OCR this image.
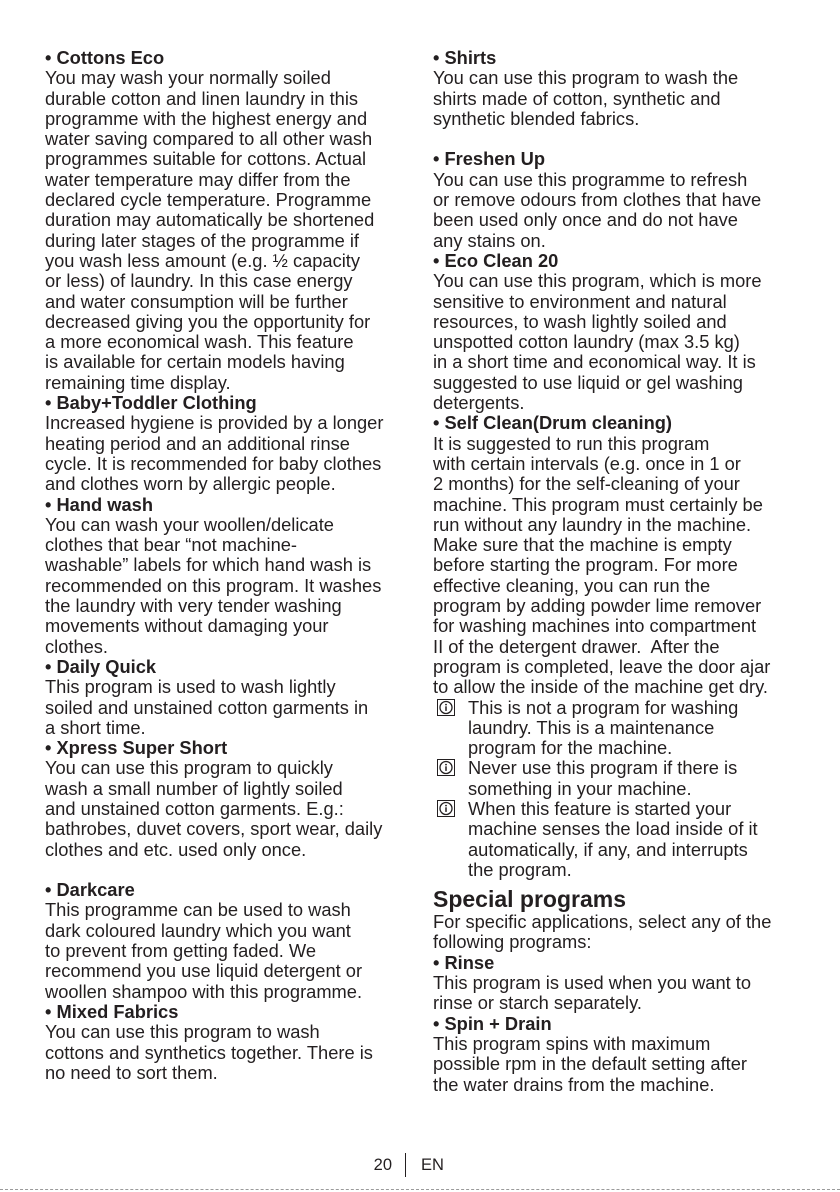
• Cottons Eco
You may wash your normally soiled
durable cotton and linen laundry in this
programme with the highest energy and
water saving compared to all other wash
programmes suitable for cottons. Actual
water temperature may differ from the
declared cycle temperature. Programme
duration may automatically be shortened
during later stages of the programme if
you wash less amount (e.g. ½ capacity
or less) of laundry. In this case energy
and water consumption will be further
decreased giving you the opportunity for
a more economical wash. This feature
is available for certain models having
remaining time display.
• Baby+Toddler Clothing
Increased hygiene is provided by a longer
heating period and an additional rinse
cycle. It is recommended for baby clothes
and clothes worn by allergic people.
• Hand wash
You can wash your woollen/delicate
clothes that bear “not machine-
washable” labels for which hand wash is
recommended on this program. It washes
the laundry with very tender washing
movements without damaging your
clothes.
• Daily Quick
This program is used to wash lightly
soiled and unstained cotton garments in
a short time.
• Xpress Super Short
You can use this program to quickly
wash a small number of lightly soiled
and unstained cotton garments. E.g.:
bathrobes, duvet covers, sport wear, daily
clothes and etc. used only once.
• Darkcare
This programme can be used to wash
dark coloured laundry which you want
to prevent from getting faded. We
recommend you use liquid detergent or
woollen shampoo with this programme.
• Mixed Fabrics
You can use this program to wash
cottons and synthetics together. There is
no need to sort them.
• Shirts
You can use this program to wash the
shirts made of cotton, synthetic and
synthetic blended fabrics.
• Freshen Up
You can use this programme to refresh
or remove odours from clothes that have
been used only once and do not have
any stains on.
• Eco Clean 20
You can use this program, which is more
sensitive to environment and natural
resources, to wash lightly soiled and
unspotted cotton laundry (max 3.5 kg)
in a short time and economical way. It is
suggested to use liquid or gel washing
detergents.
• Self Clean(Drum cleaning)
It is suggested to run this program
with certain intervals (e.g. once in 1 or
2 months) for the self-cleaning of your
machine. This program must certainly be
run without any laundry in the machine.
Make sure that the machine is empty
before starting the program. For more
effective cleaning, you can run the
program by adding powder lime remover
for washing machines into compartment
II of the detergent drawer.  After the
program is completed, leave the door ajar
to allow the inside of the machine get dry.
This is not a program for washing
laundry. This is a maintenance
program for the machine.
Never use this program if there is
something in your machine.
When this feature is started your
machine senses the load inside of it
automatically, if any, and interrupts
the program.
Special programs
For specific applications, select any of the
following programs:
• Rinse
This program is used when you want to
rinse or starch separately.
• Spin + Drain
This program spins with maximum
possible rpm in the default setting after
the water drains from the machine.
20 EN
